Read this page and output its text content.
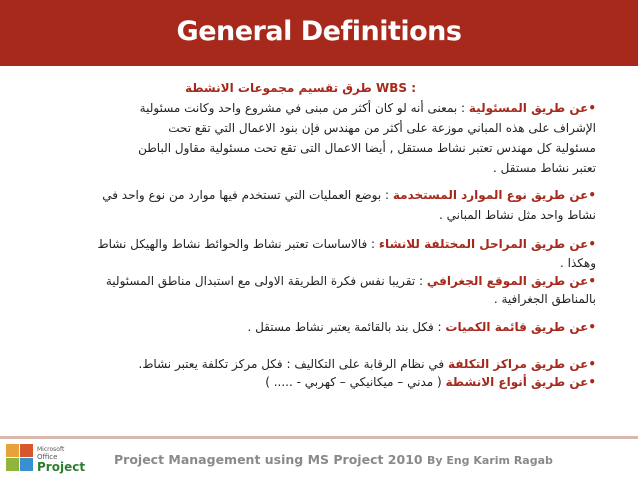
General Definitions
: WBS طرق تقسيم مجموعات الانشطة
•عن طريق المسئولية : بمعنى أنه لو كان أكثر من مبنى في مشروع واحد وكانت مسئولية
الإشراف على هذه المباني موزعة على أكثر من مهندس فإن بنود الاعمال التي تقع تحت
مسئولية كل مهندس تعتبر نشاط مستقل , أيضا الاعمال التى تقع تحت مسئولية مقاول الباطن
تعتبر نشاط مستقل .
•عن طريق نوع الموارد المستخدمة : بوضع العمليات التي تستخدم فيها موارد من نوع واحد في
نشاط واحد مثل نشاط المباني .
•عن طريق المراحل المختلفة للانشاء : فالاساسات تعتبر نشاط والحوائط نشاط والهيكل نشاط
وهكذا .
•عن طريق الموقع الجغرافي : تقريبا نفس فكرة الطريقة الاولى مع استبدال مناطق المسئولية
بالمناطق الجغرافية .
•عن طريق قائمة الكميات : فكل بند بالقائمة يعتبر نشاط مستقل .
•عن طريق مراكز التكلفة في نظام الرقابة على التكاليف : فكل مركز تكلفة يعتبر نشاط.
•عن طريق أنواع الانشطة ( مدني – ميكانيكي – كهربي - ..... )
Microsoft
Office
Project Project Management using MS Project 2010 By Eng Karim Ragab
